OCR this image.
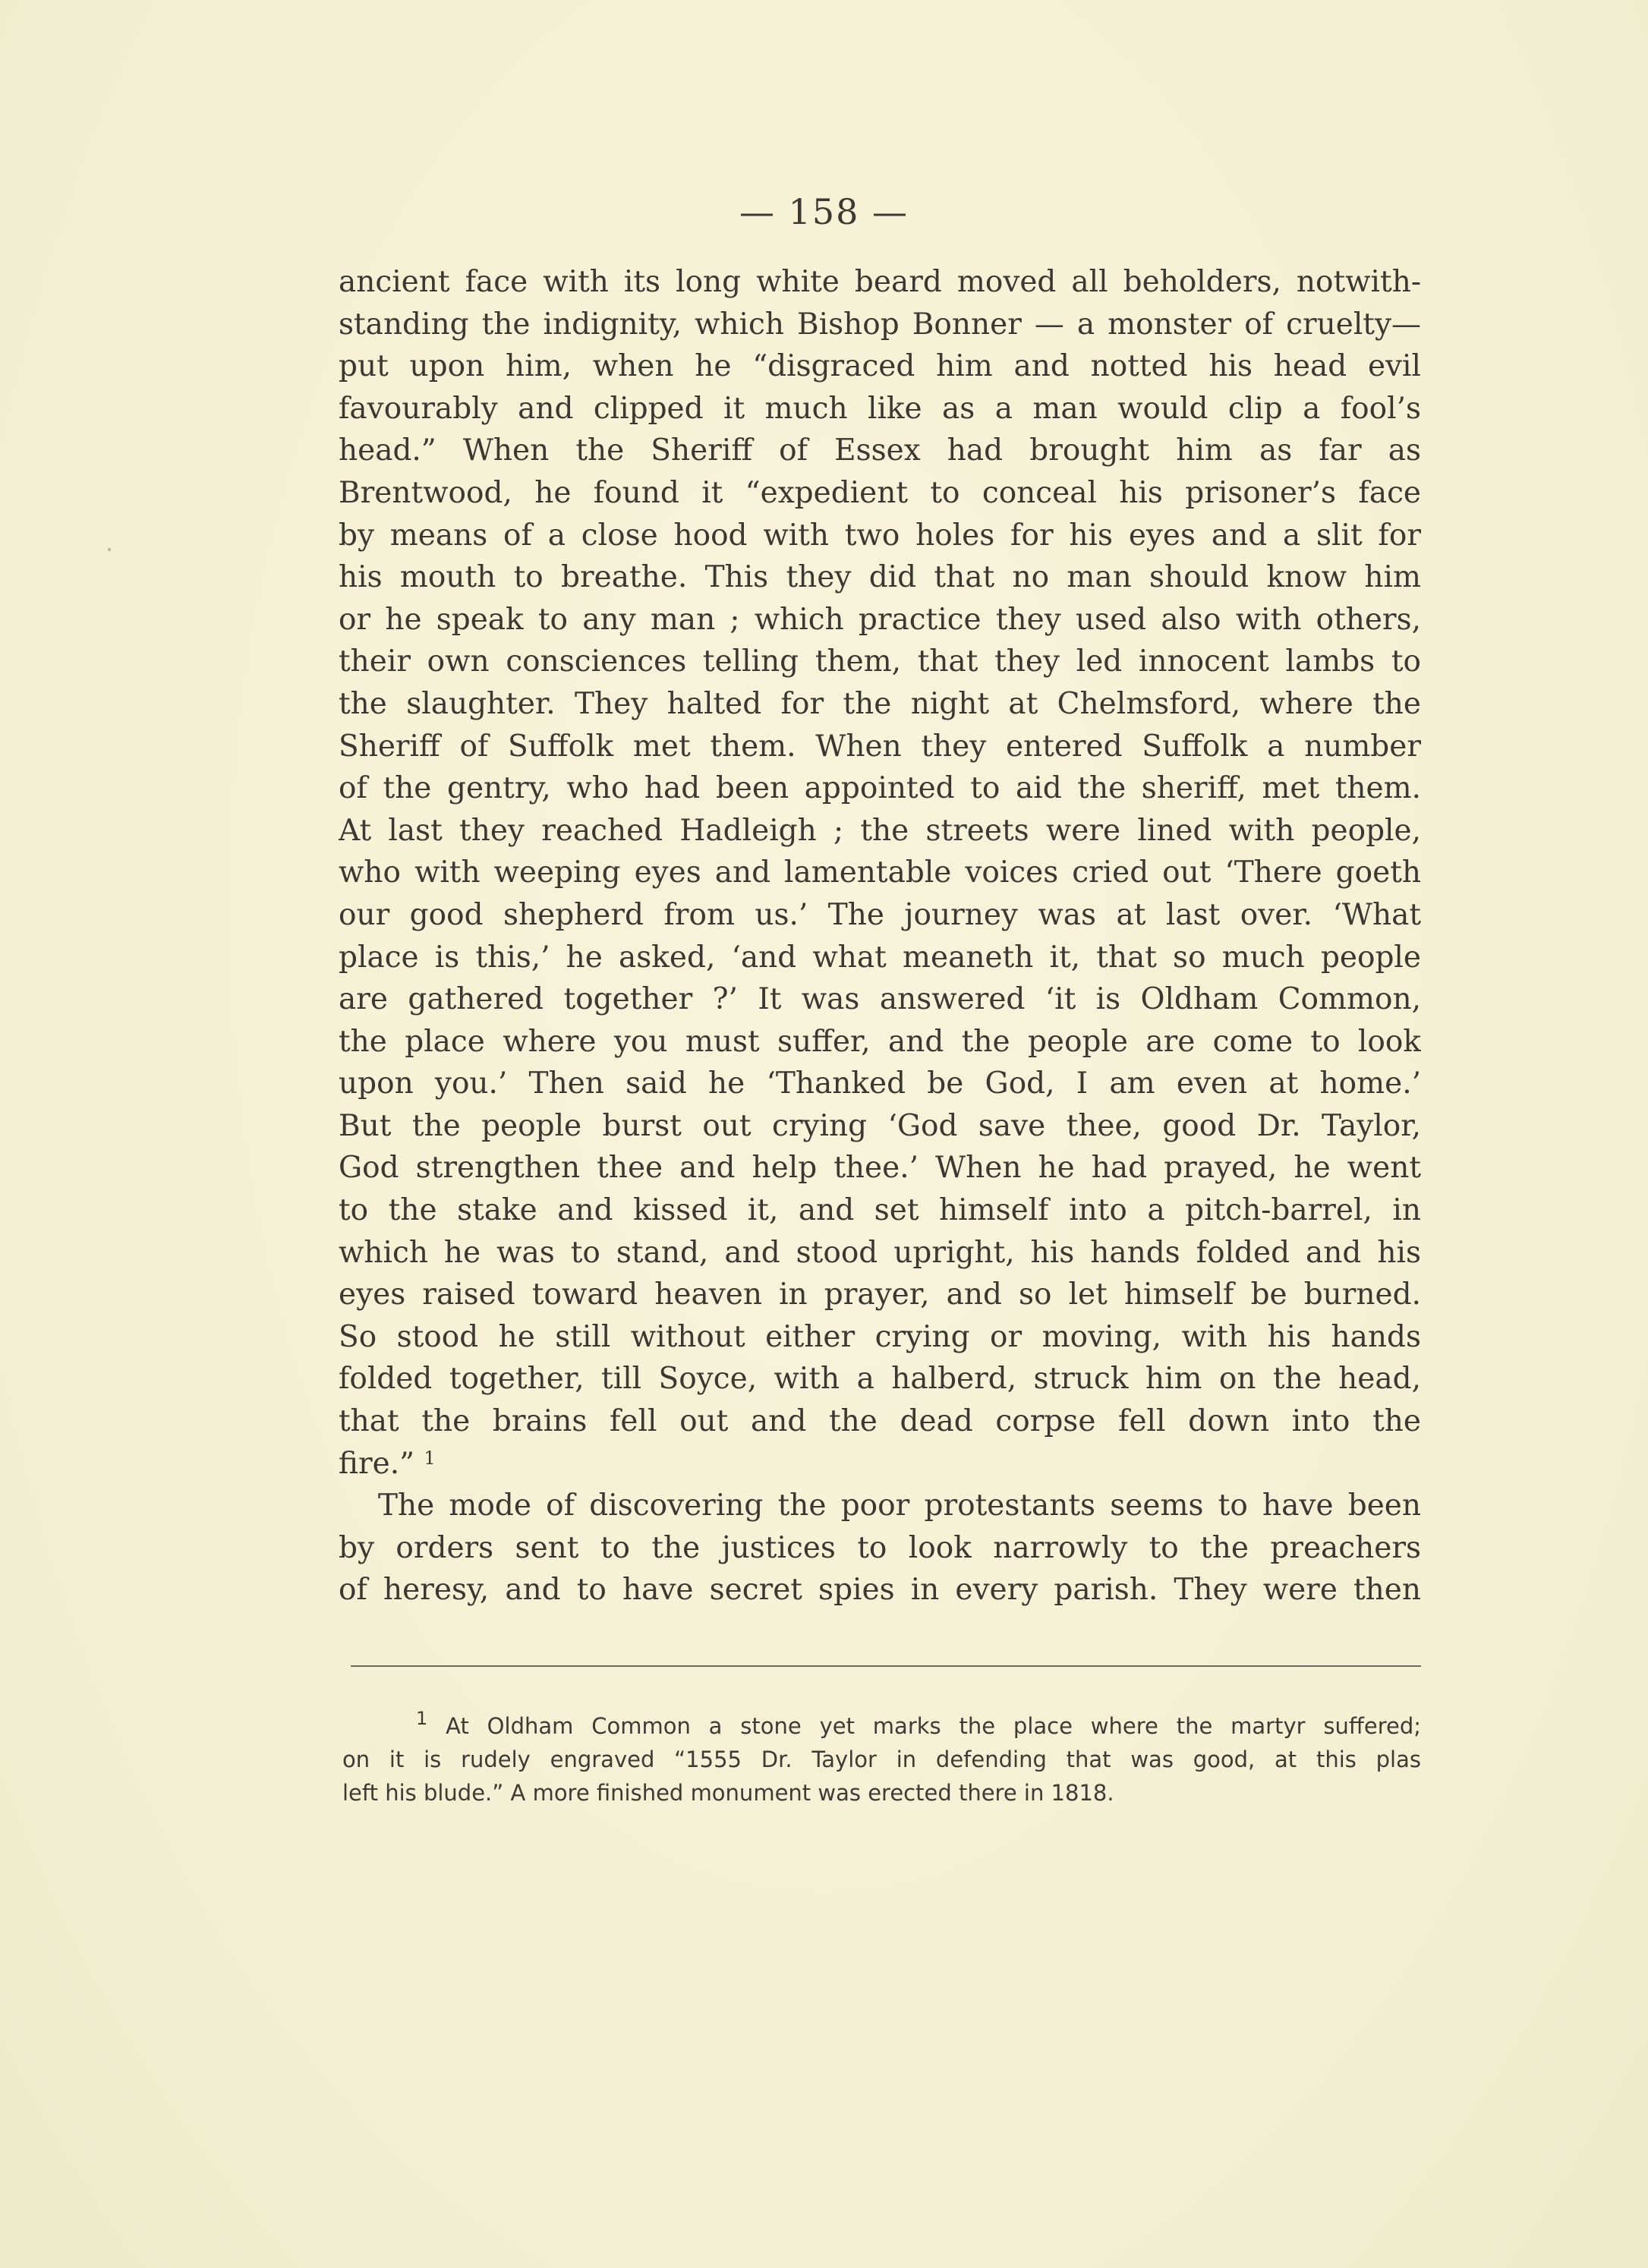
— 158 —
ancient face with its long white beard moved all beholders, notwith-
standing the indignity, which Bishop Bonner — a monster of cruelty—
put upon him, when he “disgraced him and notted his head evil
favourably and clipped it much like as a man would clip a fool’s
head.” When the Sheriff of Essex had brought him as far as
Brentwood, he found it “expedient to conceal his prisoner’s face
by means of a close hood with two holes for his eyes and a slit for
his mouth to breathe. This they did that no man should know him
or he speak to any man ; which practice they used also with others,
their own consciences telling them, that they led innocent lambs to
the slaughter. They halted for the night at Chelmsford, where the
Sheriff of Suffolk met them. When they entered Suffolk a number
of the gentry, who had been appointed to aid the sheriff, met them.
At last they reached Hadleigh ; the streets were lined with people,
who with weeping eyes and lamentable voices cried out ‘There goeth
our good shepherd from us.’ The journey was at last over. ‘What
place is this,’ he asked, ‘and what meaneth it, that so much people
are gathered together ?’ It was answered ‘it is Oldham Common,
the place where you must suffer, and the people are come to look
upon you.’ Then said he ‘Thanked be God, I am even at home.’
But the people burst out crying ‘God save thee, good Dr. Taylor,
God strengthen thee and help thee.’ When he had prayed, he went
to the stake and kissed it, and set himself into a pitch-barrel, in
which he was to stand, and stood upright, his hands folded and his
eyes raised toward heaven in prayer, and so let himself be burned.
So stood he still without either crying or moving, with his hands
folded together, till Soyce, with a halberd, struck him on the head,
that the brains fell out and the dead corpse fell down into the
fire.” $^1$
The mode of discovering the poor protestants seems to have been
by orders sent to the justices to look narrowly to the preachers
of heresy, and to have secret spies in every parish. They were then
$^1$ At Oldham Common a stone yet marks the place where the martyr suffered;
on it is rudely engraved “1555 Dr. Taylor in defending that was good, at this plas
left his blude.” A more finished monument was erected there in 1818.
